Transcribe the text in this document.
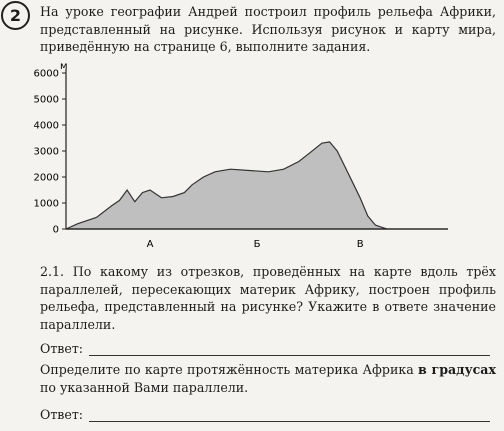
2	На уроке географии Андрей построил профиль рельефа Африки, представленный на рисунке. Используя рисунок и карту мира, приведённую на странице 6, выполните задания.
0
1000
2000
3000
4000
5000
6000
А	Б	В
м
2.1. По какому из отрезков, проведённых на карте вдоль трёх параллелей, пересекающих материк Африку, построен профиль рельефа, представленный на рисунке? Укажите в ответе значение параллели.
Ответ:
Определите по карте протяжённость материка Африка в градусах по указанной Вами параллели.
Ответ:
